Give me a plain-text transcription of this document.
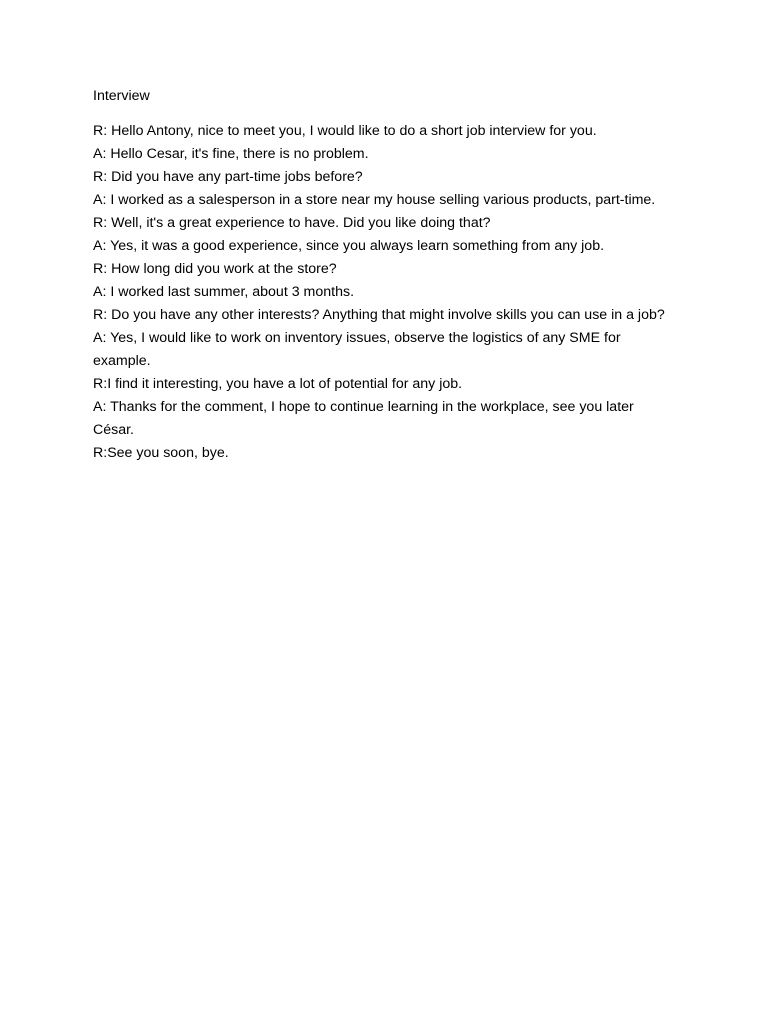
Interview

R: Hello Antony, nice to meet you, I would like to do a short job interview for you.

A: Hello Cesar, it's fine, there is no problem.

R: Did you have any part-time jobs before?

A: I worked as a salesperson in a store near my house selling various products, part-time.

R: Well, it's a great experience to have. Did you like doing that?

A: Yes, it was a good experience, since you always learn something from any job.

R: How long did you work at the store?

A: I worked last summer, about 3 months.

R: Do you have any other interests? Anything that might involve skills you can use in a job?

A: Yes, I would like to work on inventory issues, observe the logistics of any SME for example.

R:I find it interesting, you have a lot of potential for any job.

A: Thanks for the comment, I hope to continue learning in the workplace, see you later César.

R:See you soon, bye.
